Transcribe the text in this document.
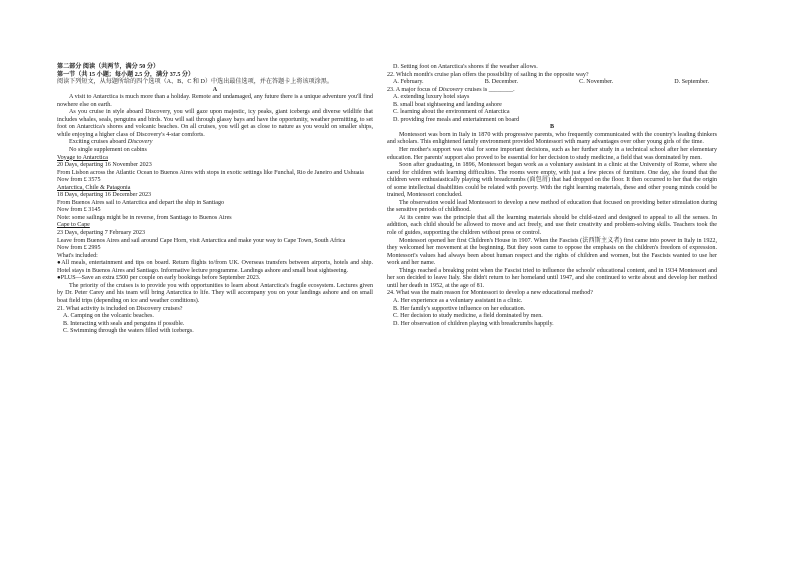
第二部分 阅读（共两节，满分 50 分）

第一节（共 15 小题；每小题 2.5 分，满分 37.5 分）

阅读下列短文，从每题所给的四个选项（A、B、C 和 D）中选出最佳选项，并在答题卡上将该项涂黑。

A

A visit to Antarctica is much more than a holiday. Remote and undamaged, any future there is a unique adventure you'll find nowhere else on earth.

As you cruise in style aboard Discovery, you will gaze upon majestic, icy peaks, giant icebergs and diverse wildlife that includes whales, seals, penguins and birds. You will sail through glassy bays and have the opportunity, weather permitting, to set foot on Antarctica's shores and volcanic beaches. On all cruises, you will get as close to nature as you would on smaller ships, while enjoying a higher class of Discovery's 4-star comforts.

Exciting cruises aboard Discovery

No single supplement on cabins

Voyage to Antarctica

20 Days, departing 16 November 2023

From Lisbon across the Atlantic Ocean to Buenos Aires with stops in exotic settings like Funchal, Rio de Janeiro and Ushuaia

Now from £ 3575

Antarctica, Chile & Patagonia

18 Days, departing 16 December 2023

From Buenos Aires sail to Antarctica and depart the ship in Santiago

Now from £ 3145

Note: some sailings might be in reverse, from Santiago to Buenos Aires

Cape to Cape

23 Days, departing 7 February 2023

Leave from Buenos Aires and sail around Cape Horn, visit Antarctica and make your way to Cape Town, South Africa

Now from £ 2995

What's included:

●All meals, entertainment and tips on board. Return flights to/from UK. Overseas transfers between airports, hotels and ship. Hotel stays in Buenos Aires and Santiago. Informative lecture programme. Landings ashore and small boat sightseeing.

●PLUS—Save an extra £500 per couple on early bookings before September 2023.

The priority of the cruises is to provide you with opportunities to learn about Antarctica's fragile ecosystem. Lectures given by Dr. Peter Carey and his team will bring Antarctica to life. They will accompany you on your landings ashore and on small boat field trips (depending on ice and weather conditions).

21. What activity is included on Discovery cruises?

A. Camping on the volcanic beaches.

B. Interacting with seals and penguins if possible.

C. Swimming through the waters filled with icebergs.

D. Setting foot on Antarctica's shores if the weather allows.

22. Which month's cruise plan offers the possibility of sailing in the opposite way?

A. February.	B. December.	C. November.	D. September.

23. A major focus of Discovery cruises is ________.

A. extending luxury hotel stays

B. small boat sightseeing and landing ashore

C. learning about the environment of Antarctica

D. providing free meals and entertainment on board

B

Montessori was born in Italy in 1870 with progressive parents, who frequently communicated with the country's leading thinkers and scholars. This enlightened family environment provided Montessori with many advantages over other young girls of the time.

Her mother's support was vital for some important decisions, such as her further study in a technical school after her elementary education. Her parents' support also proved to be essential for her decision to study medicine, a field that was dominated by men.

Soon after graduating, in 1896, Montessori began work as a voluntary assistant in a clinic at the University of Rome, where she cared for children with learning difficulties. The rooms were empty, with just a few pieces of furniture. One day, she found that the children were enthusiastically playing with breadcrumbs (面包屑) that had dropped on the floor. It then occurred to her that the origin of some intellectual disabilities could be related with poverty. With the right learning materials, these and other young minds could be trained, Montessori concluded.

The observation would lead Montessori to develop a new method of education that focused on providing better stimulation during the sensitive periods of childhood.

At its centre was the principle that all the learning materials should be child-sized and designed to appeal to all the senses. In addition, each child should be allowed to move and act freely, and use their creativity and problem-solving skills. Teachers took the role of guides, supporting the children without press or control.

Montessori opened her first Children's House in 1907. When the Fascists (法西斯主义者) first came into power in Italy in 1922, they welcomed her movement at the beginning. But they soon came to oppose the emphasis on the children's freedom of expression. Montessori's values had always been about human respect and the rights of children and women, but the Fascists wanted to use her work and her name.

Things reached a breaking point when the Fascist tried to influence the schools' educational content, and in 1934 Montessori and her son decided to leave Italy. She didn't return to her homeland until 1947, and she continued to write about and develop her method until her death in 1952, at the age of 81.

24. What was the main reason for Montessori to develop a new educational method?

A. Her experience as a voluntary assistant in a clinic.

B. Her family's supportive influence on her education.

C. Her decision to study medicine, a field dominated by men.

D. Her observation of children playing with breadcrumbs happily.
